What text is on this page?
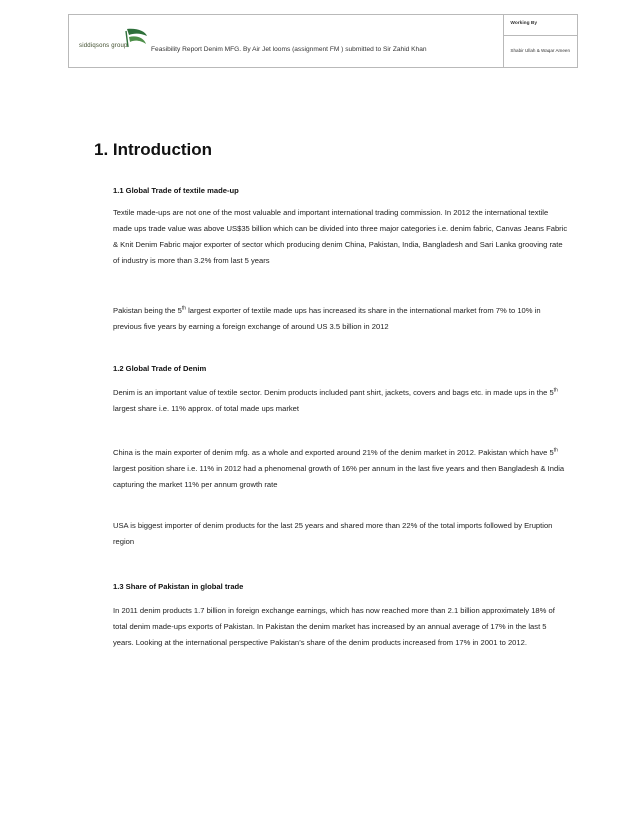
siddiqsons group	Feasibility Report Denim MFG. By Air Jet looms (assignment FM ) submitted to Sir Zahid Khan

Working By

Shabir Ullah & Waqar Ameen
1. Introduction
1.1 Global Trade of textile made-up

Textile made-ups are not one of the most valuable and important international trading commission. In 2012 the international textile made ups trade value was above US$35 billion which can be divided into three major categories i.e. denim fabric, Canvas Jeans Fabric & Knit Denim Fabric major exporter of sector which producing denim China, Pakistan, India, Bangladesh and Sari Lanka grooving rate of industry is more than 3.2% from last 5 years

Pakistan being the 5th largest exporter of textile made ups has increased its share in the international market from 7% to 10% in previous five years by earning a foreign exchange of around US 3.5 billion in 2012

1.2 Global Trade of Denim

Denim is an important value of textile sector. Denim products included pant shirt, jackets, covers and bags etc. in made ups in the 5th largest share i.e. 11% approx. of total made ups market

China is the main exporter of denim mfg. as a whole and exported around 21% of the denim market in 2012. Pakistan which have 5th largest position share i.e. 11% in 2012 had a phenomenal growth of 16% per annum in the last five years and then Bangladesh & India capturing the market 11% per annum growth rate

USA is biggest importer of denim products for the last 25 years and shared more than 22% of the total imports followed by Eruption region

1.3 Share of Pakistan in global trade

In 2011 denim products 1.7 billion in foreign exchange earnings, which has now reached more than 2.1 billion approximately 18% of total denim made-ups exports of Pakistan. In Pakistan the denim market has increased by an annual average of 17% in the last 5 years. Looking at the international perspective Pakistan’s share of the denim products increased from 17% in 2001 to 2012.
